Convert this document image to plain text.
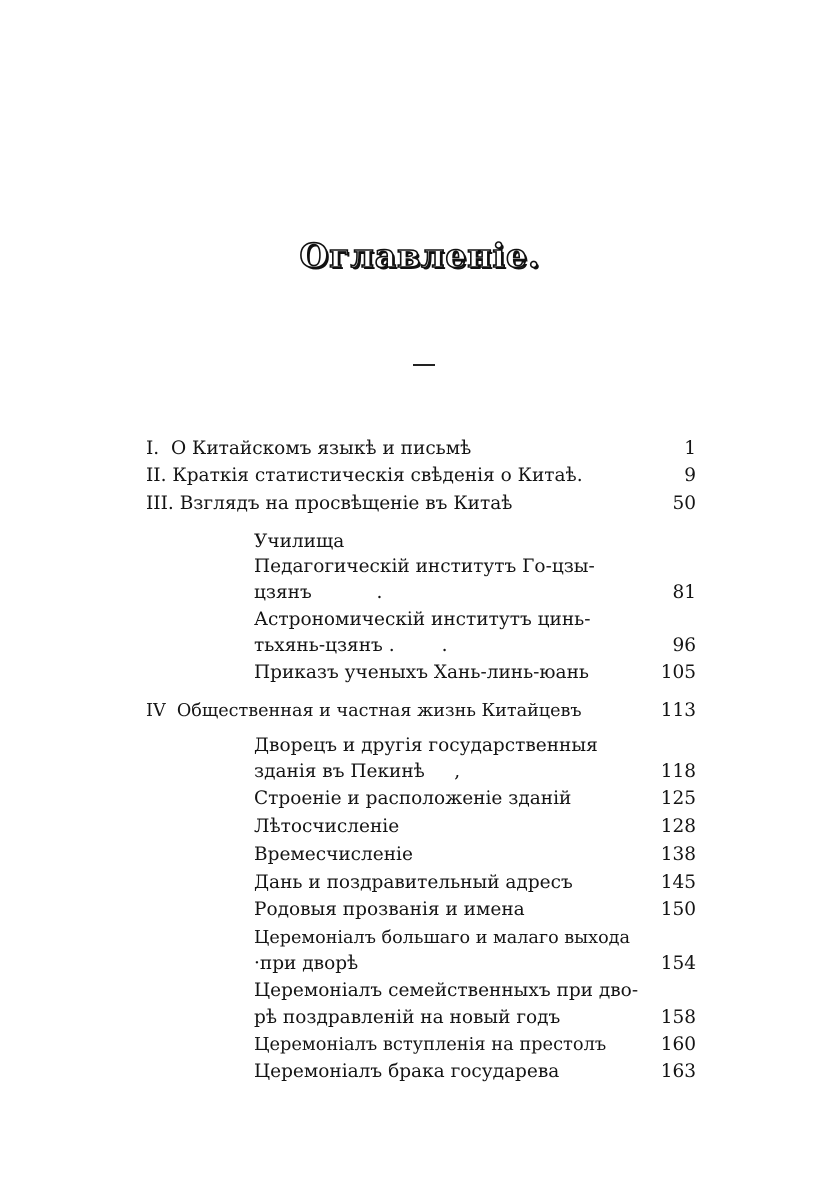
Оглавленіе.
I. О Китайскомъ языкѣ и письмѣ	1
II. Краткія статистическія свѣденія о Китаѣ.	9
III. Взглядъ на просвѣщеніе въ Китаѣ	50
Училища
Педагогическій институтъ Го-цзы-
цзянъ           .	81
Астрономическій институтъ цинь-
тьхянь-цзянъ .        .	96
Приказъ ученыхъ Хань-линь-юань	105
IV Общественная и частная жизнь Китайцевъ	113
Дворецъ и другія государственныя
зданія въ Пекинѣ     ,	118
Строеніе и расположеніе зданій	125
Лѣтосчисленіе	128
Времесчисленіе	138
Дань и поздравительный адресъ	145
Родовыя прозванія и имена	150
Церемоніалъ большаго и малаго выхода
·при дворѣ	154
Церемоніалъ семейственныхъ при дво-
рѣ поздравленій на новый годъ	158
Церемоніалъ вступленія на престолъ	160
Церемоніалъ брака государева	163
